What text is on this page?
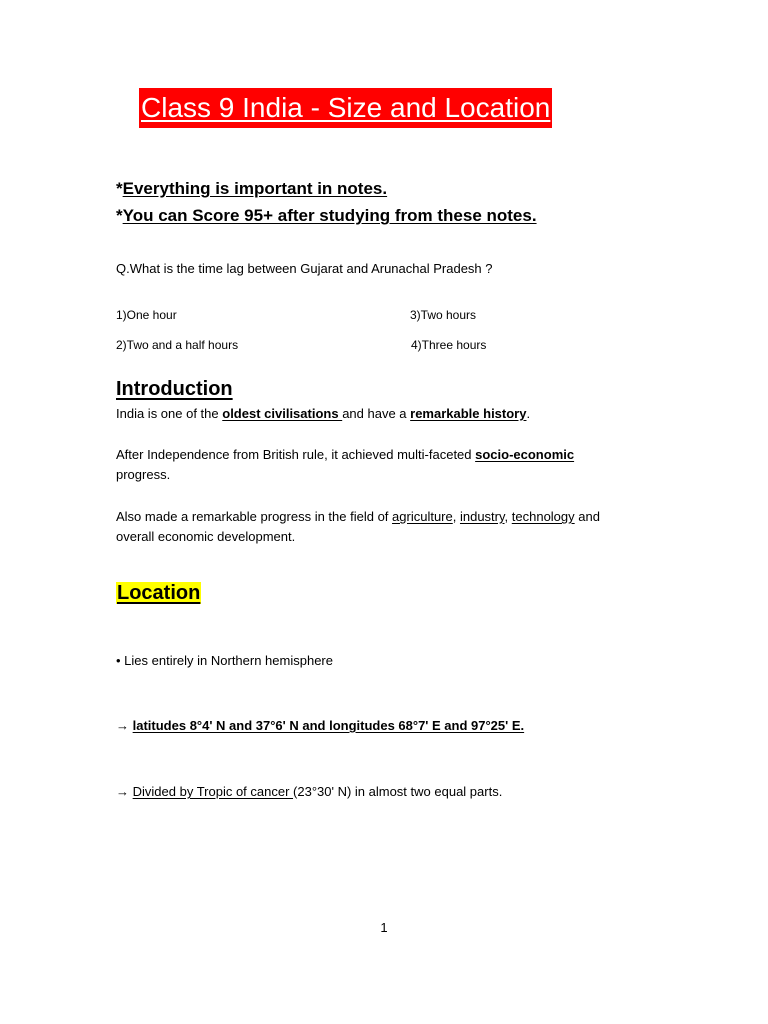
Class 9 India - Size and Location
*Everything is important in notes.
*You can Score 95+ after studying from these notes.
Q.What is the time lag between Gujarat and Arunachal Pradesh ?
1)One hour	3)Two hours
2)Two and a half hours	4)Three hours
Introduction
India is one of the oldest civilisations and have a remarkable history.
After Independence from British rule, it achieved multi-faceted socio-economic
progress.
Also made a remarkable progress in the field of agriculture, industry, technology and
overall economic development.
Location
• Lies entirely in Northern hemisphere
→ latitudes 8°4' N and 37°6' N and longitudes 68°7' E and 97°25' E.
→ Divided by Tropic of cancer (23°30' N) in almost two equal parts.
1
